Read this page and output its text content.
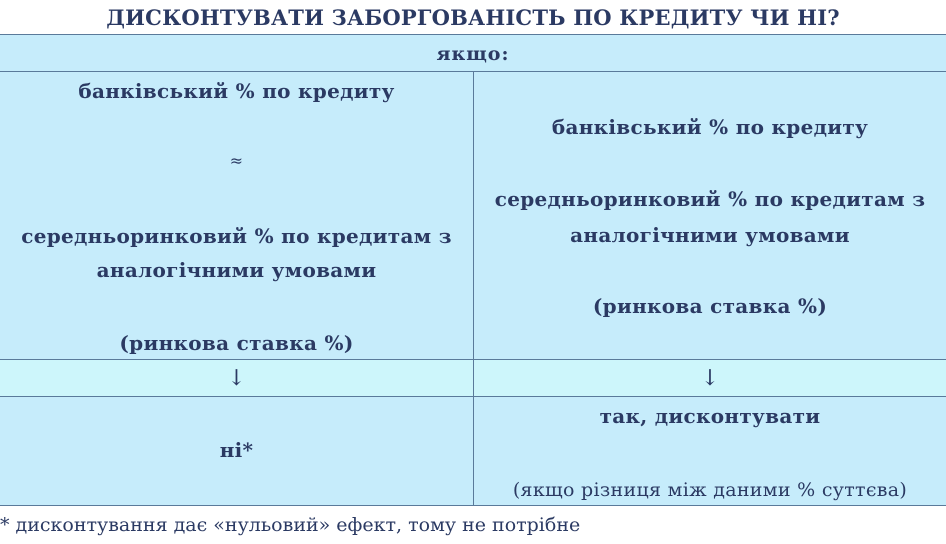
ДИСКОНТУВАТИ ЗАБОРГОВАНІСТЬ ПО КРЕДИТУ ЧИ НІ?
якщо:
банківський % по кредиту
≈
середньоринковий % по кредитам з
аналогічними умовами
(ринкова ставка %)
банківський % по кредиту
середньоринковий % по кредитам з
аналогічними умовами
(ринкова ставка %)
↓	↓
ні*
так, дисконтувати
(якщо різниця між даними % суттєва)
* дисконтування дає «нульовий» ефект, тому не потрібне
